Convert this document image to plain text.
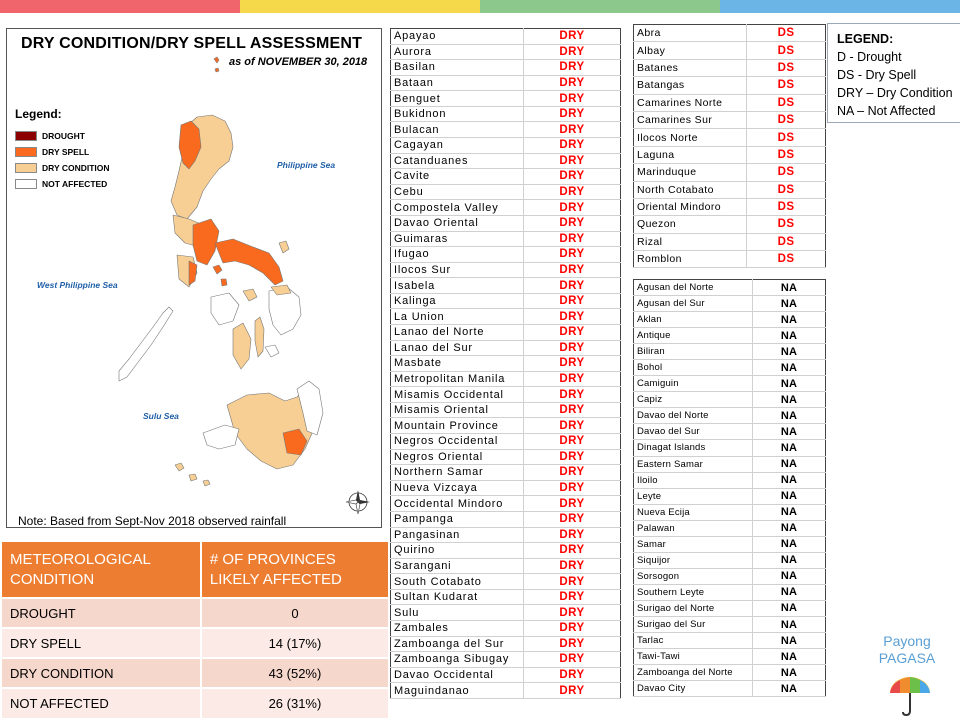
DRY CONDITION/DRY SPELL ASSESSMENT
as of NOVEMBER 30, 2018
Legend:
DROUGHT
DRY SPELL
DRY CONDITION
NOT AFFECTED
Philippine Sea
West Philippine Sea
Sulu Sea
Note: Based from Sept-Nov 2018 observed rainfall
METEOROLOGICAL CONDITION	# OF PROVINCES LIKELY AFFECTED
DROUGHT	0
DRY SPELL	14 (17%)
DRY CONDITION	43 (52%)
NOT AFFECTED	26 (31%)
Apayao	DRY
Aurora	DRY
Basilan	DRY
Bataan	DRY
Benguet	DRY
Bukidnon	DRY
Bulacan	DRY
Cagayan	DRY
Catanduanes	DRY
Cavite	DRY
Cebu	DRY
Compostela Valley	DRY
Davao Oriental	DRY
Guimaras	DRY
Ifugao	DRY
Ilocos Sur	DRY
Isabela	DRY
Kalinga	DRY
La Union	DRY
Lanao del Norte	DRY
Lanao del Sur	DRY
Masbate	DRY
Metropolitan Manila	DRY
Misamis Occidental	DRY
Misamis Oriental	DRY
Mountain Province	DRY
Negros Occidental	DRY
Negros Oriental	DRY
Northern Samar	DRY
Nueva Vizcaya	DRY
Occidental Mindoro	DRY
Pampanga	DRY
Pangasinan	DRY
Quirino	DRY
Sarangani	DRY
South Cotabato	DRY
Sultan Kudarat	DRY
Sulu	DRY
Zambales	DRY
Zamboanga del Sur	DRY
Zamboanga Sibugay	DRY
Davao Occidental	DRY
Maguindanao	DRY
Abra	DS
Albay	DS
Batanes	DS
Batangas	DS
Camarines Norte	DS
Camarines Sur	DS
Ilocos Norte	DS
Laguna	DS
Marinduque	DS
North Cotabato	DS
Oriental Mindoro	DS
Quezon	DS
Rizal	DS
Romblon	DS
Agusan del Norte	NA
Agusan del Sur	NA
Aklan	NA
Antique	NA
Biliran	NA
Bohol	NA
Camiguin	NA
Capiz	NA
Davao del Norte	NA
Davao del Sur	NA
Dinagat Islands	NA
Eastern Samar	NA
Iloilo	NA
Leyte	NA
Nueva Ecija	NA
Palawan	NA
Samar	NA
Siquijor	NA
Sorsogon	NA
Southern Leyte	NA
Surigao del Norte	NA
Surigao del Sur	NA
Tarlac	NA
Tawi-Tawi	NA
Zamboanga del Norte	NA
Davao City	NA
LEGEND:
D - Drought
DS - Dry Spell
DRY – Dry Condition
NA – Not Affected
Payong
PAGASA
